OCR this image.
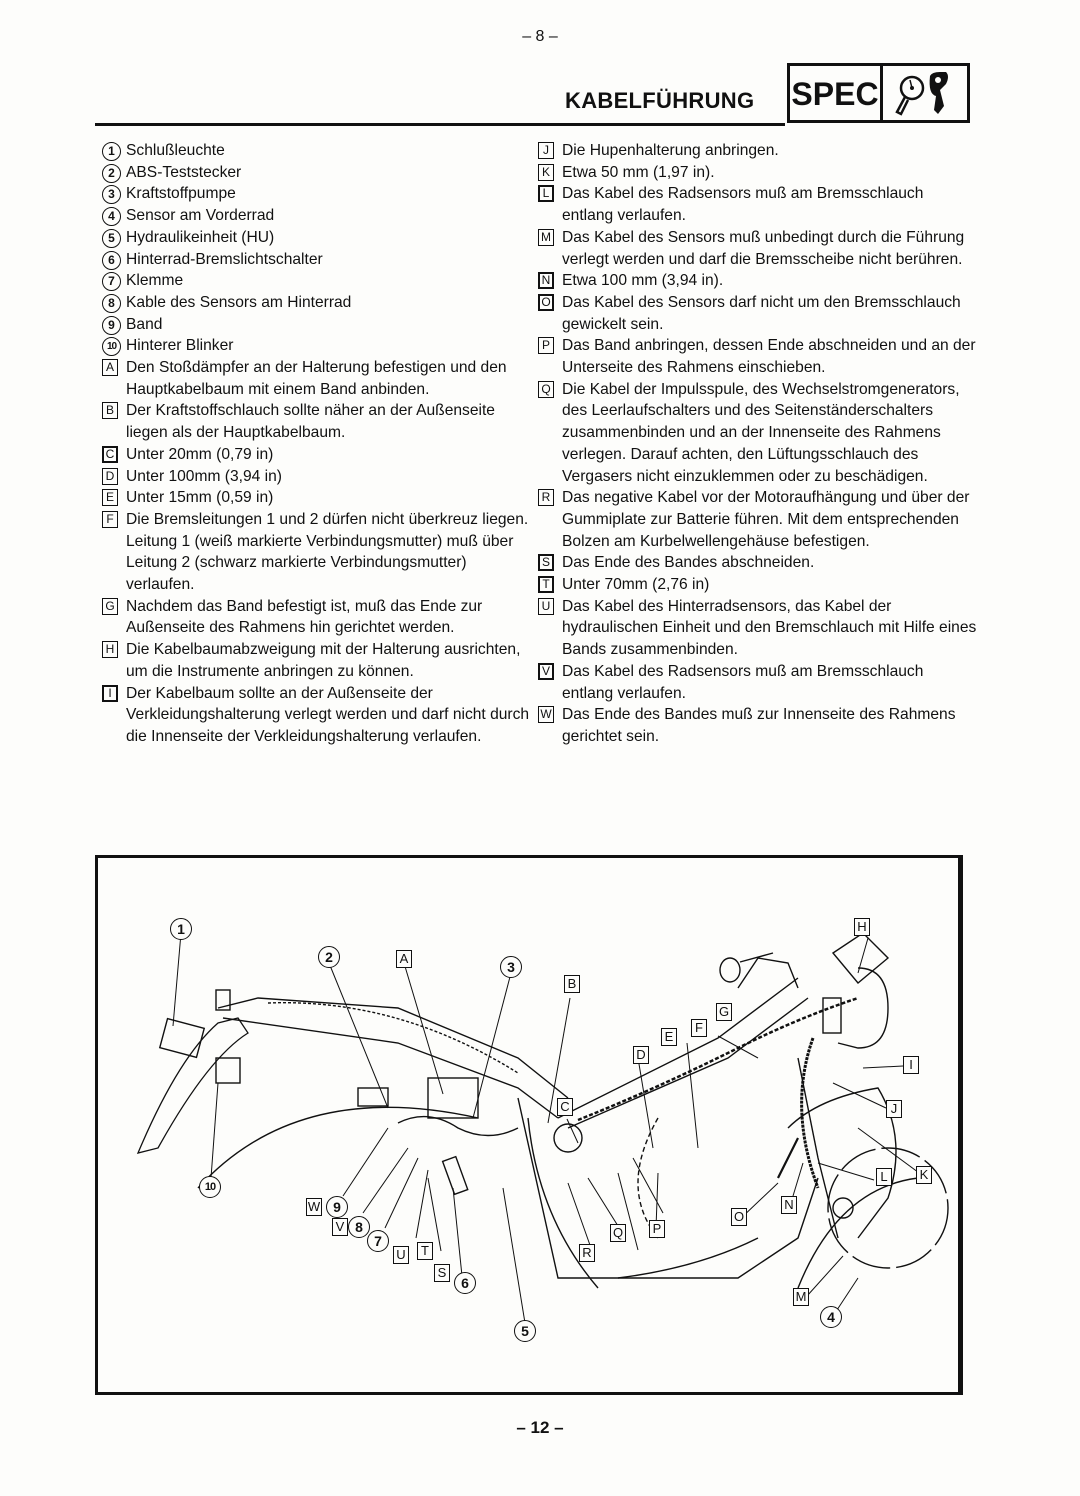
– 8 –
KABELFÜHRUNG SPEC
1 Schlußleuchte
2 ABS-Teststecker
3 Kraftstoffpumpe
4 Sensor am Vorderrad
5 Hydraulikeinheit (HU)
6 Hinterrad-Bremslichtschalter
7 Klemme
8 Kable des Sensors am Hinterrad
9 Band
10 Hinterer Blinker
A Den Stoßdämpfer an der Halterung befestigen und den Hauptkabelbaum mit einem Band anbinden.
B Der Kraftstoffschlauch sollte näher an der Außenseite liegen als der Hauptkabelbaum.
C Unter 20mm (0,79 in)
D Unter 100mm (3,94 in)
E Unter 15mm (0,59 in)
F Die Bremsleitungen 1 und 2 dürfen nicht überkreuz liegen. Leitung 1 (weiß markierte Verbindungsmutter) muß über Leitung 2 (schwarz markierte Verbindungsmutter) verlaufen.
G Nachdem das Band befestigt ist, muß das Ende zur Außenseite des Rahmens hin gerichtet werden.
H Die Kabelbaumabzweigung mit der Halterung ausrichten, um die Instrumente anbringen zu können.
I Der Kabelbaum sollte an der Außenseite der Verkleidungshalterung verlegt werden und darf nicht durch die Innenseite der Verkleidungshalterung verlaufen.
J Die Hupenhalterung anbringen.
K Etwa 50 mm (1,97 in).
L Das Kabel des Radsensors muß am Bremsschlauch entlang verlaufen.
M Das Kabel des Sensors muß unbedingt durch die Führung verlegt werden und darf die Bremsscheibe nicht berühren.
N Etwa 100 mm (3,94 in).
O Das Kabel des Sensors darf nicht um den Bremsschlauch gewickelt sein.
P Das Band anbringen, dessen Ende abschneiden und an der Unterseite des Rahmens einschieben.
Q Die Kabel der Impulsspule, des Wechselstromgenerators, des Leerlaufschalters und des Seitenständerschalters zusammenbinden und an der Innenseite des Rahmens verlegen. Darauf achten, den Lüftungsschlauch des Vergasers nicht einzuklemmen oder zu beschädigen.
R Das negative Kabel vor der Motoraufhängung und über der Gummiplate zur Batterie führen. Mit dem entsprechenden Bolzen am Kurbelwellengehäuse befestigen.
S Das Ende des Bandes abschneiden.
T Unter 70mm (2,76 in)
U Das Kabel des Hinterradsensors, das Kabel der hydraulischen Einheit und den Bremschlauch mit Hilfe eines Bands zusammenbinden.
V Das Kabel des Radsensors muß am Bremsschlauch entlang verlaufen.
W Das Ende des Bandes muß zur Innenseite des Rahmens gerichtet sein.
1
2
3
4
5
6
7
8
9
10
A
B
C
D
E
F
G
H
I
J
K
L
M
N
O
P
Q
R
S
T
U
V
W
– 12 –
